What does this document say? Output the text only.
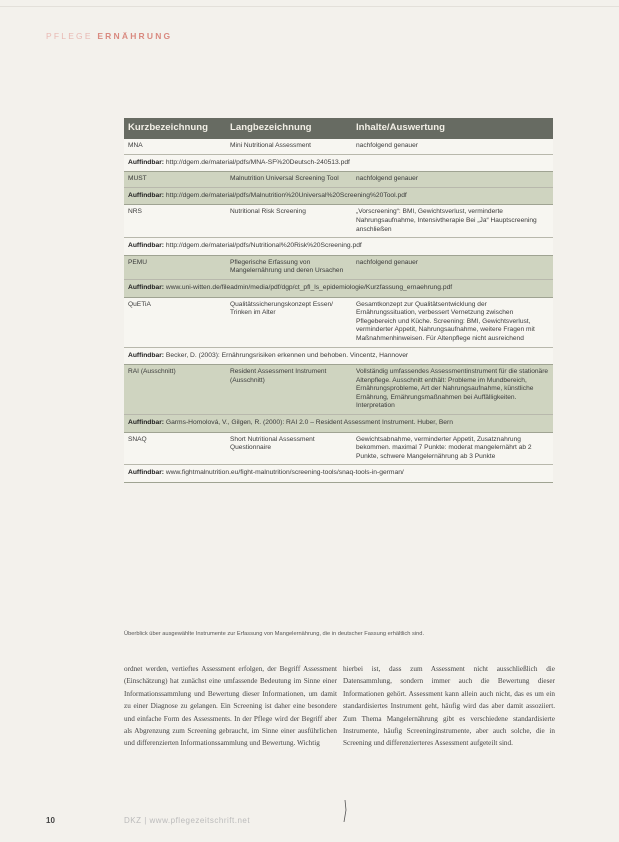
PFLEGE ERNÄHRUNG
Kurzbezeichnung	Langbezeichnung	Inhalte/Auswertung
MNA	Mini Nutritional Assessment	nachfolgend genauer
Auffindbar: http://dgem.de/material/pdfs/MNA-SF%20Deutsch-240513.pdf		
MUST	Malnutrition Universal Screening Tool	nachfolgend genauer
Auffindbar: http://dgem.de/material/pdfs/Malnutrition%20Universal%20Screening%20Tool.pdf		
NRS	Nutritional Risk Screening	„Vorscreening“: BMI, Gewichtsverlust, verminderte Nahrungsaufnahme, Intensivtherapie Bei „Ja“ Hauptscreening anschließen
Auffindbar: http://dgem.de/material/pdfs/Nutritional%20Risk%20Screening.pdf		
PEMU	Pflegerische Erfassung von Mangelernährung und deren Ursachen	nachfolgend genauer
Auffindbar: www.uni-witten.de/fileadmin/media/pdf/dgp/ct_pfl_ls_epidemiologie/Kurzfassung_ernaehrung.pdf		
QuETiA	Qualitätssicherungskonzept Essen/ Trinken im Alter	Gesamtkonzept zur Qualitätsentwicklung der Ernährungssituation, verbessert Vernetzung zwischen Pflegebereich und Küche. Screening: BMI, Gewichtsverlust, verminderter Appetit, Nahrungsaufnahme, weitere Fragen mit Maßnahmenhinweisen. Für Altenpflege nicht ausreichend
Auffindbar: Becker, D. (2003): Ernährungsrisiken erkennen und behoben. Vincentz, Hannover		
RAI (Ausschnitt)	Resident Assessment Instrument (Ausschnitt)	Vollständig umfassendes Assessmentinstrument für die stationäre Altenpflege. Ausschnitt enthält: Probleme im Mundbereich, Ernährungsprobleme, Art der Nahrungsaufnahme, künstliche Ernährung, Ernährungsmaßnahmen bei Auffälligkeiten. Interpretation
Auffindbar: Garms-Homolová, V., Gilgen, R. (2000): RAI 2.0 – Resident Assessment Instrument. Huber, Bern		
SNAQ	Short Nutritional Assessment Questionnaire	Gewichtsabnahme, verminderter Appetit, Zusatznahrung ​bekommen. maximal 7 Punkte: moderat mangelernährt ab 2 Punkte, schwere Mangelernährung ab 3 Punkte
Auffindbar: www.fightmalnutrition.eu/fight-malnutrition/screening-tools/snaq-tools-in-german/		
Überblick über ausgewählte Instrumente zur Erfassung von Mangelernährung, die in deutscher Fassung erhältlich sind.
ordnet werden, vertieftes Assessment erfolgen, der Begriff Assessment (Einschätzung) hat zunächst eine umfassende Bedeutung im Sinne einer Informationssammlung und Bewertung dieser Informationen, um damit zu einer Diagnose zu gelangen. Ein Screening ist daher eine besondere und einfache Form des Assessments. In der Pflege wird der Begriff aber als Abgrenzung zum Screening gebraucht, im Sinne einer ausführlichen und differenzierten Informationssammlung und Bewertung. Wichtig
hierbei ist, dass zum Assessment nicht ausschließlich die Datensammlung, sondern immer auch die Bewertung dieser Informationen gehört. Assessment kann allein auch nicht, das es um ein standardisiertes Instrument geht, häufig wird das aber damit assoziiert. Zum Thema Mangelernährung gibt es verschiedene standardisierte Instrumente, häufig Screeninginstrumente, aber auch solche, die in Screening und differenzierteres Assessment aufgeteilt sind.
10	DKZ | www.pflegezeitschrift.net
